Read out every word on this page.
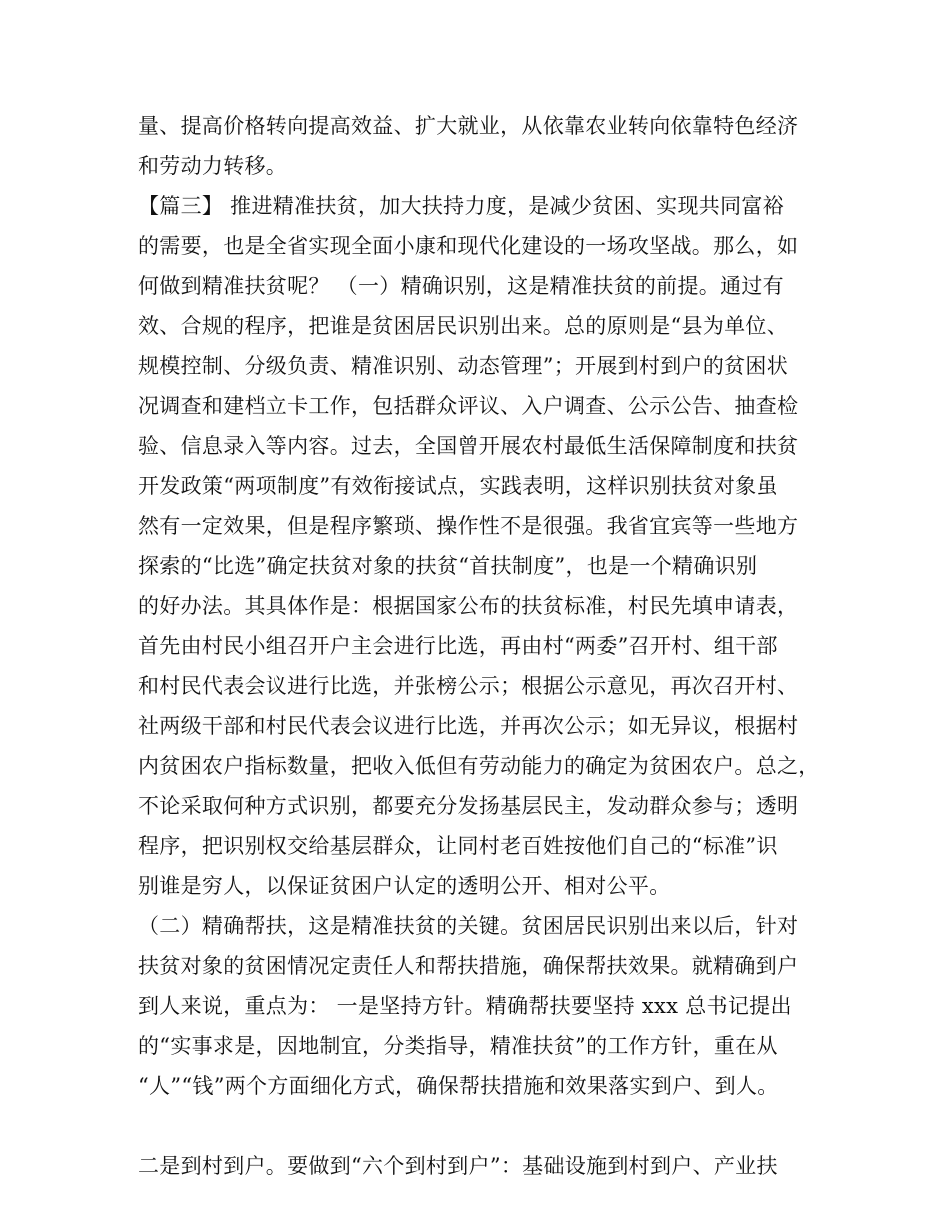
量、提高价格转向提高效益、扩大就业，从依靠农业转向依靠特色经济
和劳动力转移。
【篇三】 推进精准扶贫，加大扶持力度，是减少贫困、实现共同富裕
的需要，也是全省实现全面小康和现代化建设的一场攻坚战。那么，如
何做到精准扶贫呢？ （一）精确识别，这是精准扶贫的前提。通过有
效、合规的程序，把谁是贫困居民识别出来。总的原则是“县为单位、
规模控制、分级负责、精准识别、动态管理”；开展到村到户的贫困状
况调查和建档立卡工作，包括群众评议、入户调查、公示公告、抽查检
验、信息录入等内容。过去，全国曾开展农村最低生活保障制度和扶贫
开发政策“两项制度”有效衔接试点，实践表明，这样识别扶贫对象虽
然有一定效果，但是程序繁琐、操作性不是很强。我省宜宾等一些地方
探索的“比选”确定扶贫对象的扶贫“首扶制度”，也是一个精确识别
的好办法。其具体作是：根据国家公布的扶贫标准，村民先填申请表，
首先由村民小组召开户主会进行比选，再由村“两委”召开村、组干部
和村民代表会议进行比选，并张榜公示；根据公示意见，再次召开村、
社两级干部和村民代表会议进行比选，并再次公示；如无异议，根据村
内贫困农户指标数量，把收入低但有劳动能力的确定为贫困农户。总之，
不论采取何种方式识别，都要充分发扬基层民主，发动群众参与；透明
程序，把识别权交给基层群众，让同村老百姓按他们自己的“标准”识
别谁是穷人，以保证贫困户认定的透明公开、相对公平。
（二）精确帮扶，这是精准扶贫的关键。贫困居民识别出来以后，针对
扶贫对象的贫困情况定责任人和帮扶措施，确保帮扶效果。就精确到户
到人来说，重点为： 一是坚持方针。精确帮扶要坚持 xxx 总书记提出
的“实事求是，因地制宜，分类指导，精准扶贫”的工作方针，重在从
“人”“钱”两个方面细化方式，确保帮扶措施和效果落实到户、到人。
二是到村到户。要做到“六个到村到户”：基础设施到村到户、产业扶
